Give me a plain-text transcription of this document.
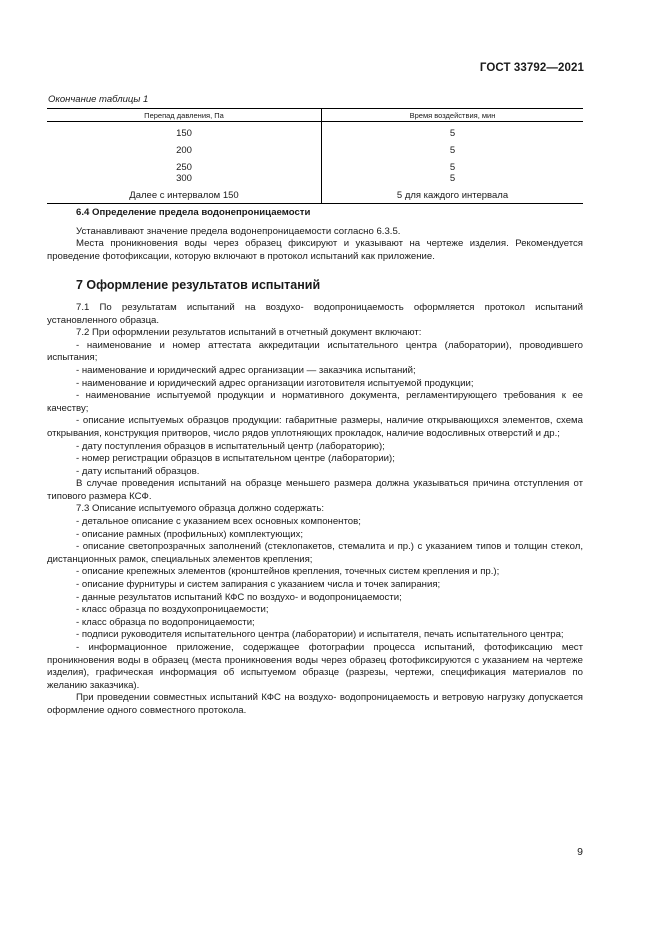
ГОСТ 33792—2021
Окончание таблицы 1
Перепад давления, Па	Время воздействия, мин
150	5
200	5
250	5
300	5
Далее с интервалом 150	5 для каждого интервала

6.4 Определение предела водонепроницаемости

Устанавливают значение предела водонепроницаемости согласно 6.3.5.

Места проникновения воды через образец фиксируют и указывают на чертеже изделия. Рекомендуется проведение фотофиксации, которую включают в протокол испытаний как приложение.

7 Оформление результатов испытаний

7.1 По результатам испытаний на воздухо- водопроницаемость оформляется протокол испытаний установленного образца.

7.2 При оформлении результатов испытаний в отчетный документ включают:

- наименование и номер аттестата аккредитации испытательного центра (лаборатории), проводившего испытания;

- наименование и юридический адрес организации — заказчика испытаний;

- наименование и юридический адрес организации изготовителя испытуемой продукции;

- наименование испытуемой продукции и нормативного документа, регламентирующего требования к ее качеству;

- описание испытуемых образцов продукции: габаритные размеры, наличие открывающихся элементов, схема открывания, конструкция притворов, число рядов уплотняющих прокладок, наличие водосливных отверстий и др.;

- дату поступления образцов в испытательный центр (лабораторию);

- номер регистрации образцов в испытательном центре (лаборатории);

- дату испытаний образцов.

В случае проведения испытаний на образце меньшего размера должна указываться причина отступления от типового размера КСФ.

7.3 Описание испытуемого образца должно содержать:

- детальное описание с указанием всех основных компонентов;

- описание рамных (профильных) комплектующих;

- описание светопрозрачных заполнений (стеклопакетов, стемалита и пр.) с указанием типов и толщин стекол, дистанционных рамок, специальных элементов крепления;

- описание крепежных элементов (кронштейнов крепления, точечных систем крепления и пр.);

- описание фурнитуры и систем запирания с указанием числа и точек запирания;

- данные результатов испытаний КФС по воздухо- и водопроницаемости;

- класс образца по воздухопроницаемости;

- класс образца по водопроницаемости;

- подписи руководителя испытательного центра (лаборатории) и испытателя, печать испытательного центра;

- информационное приложение, содержащее фотографии процесса испытаний, фотофиксацию мест проникновения воды в образец (места проникновения воды через образец фотофиксируются с указанием на чертеже изделия), графическая информация об испытуемом образце (разрезы, чертежи, спецификация материалов по желанию заказчика).

При проведении совместных испытаний КФС на воздухо- водопроницаемость и ветровую нагрузку допускается оформление одного совместного протокола.

9
